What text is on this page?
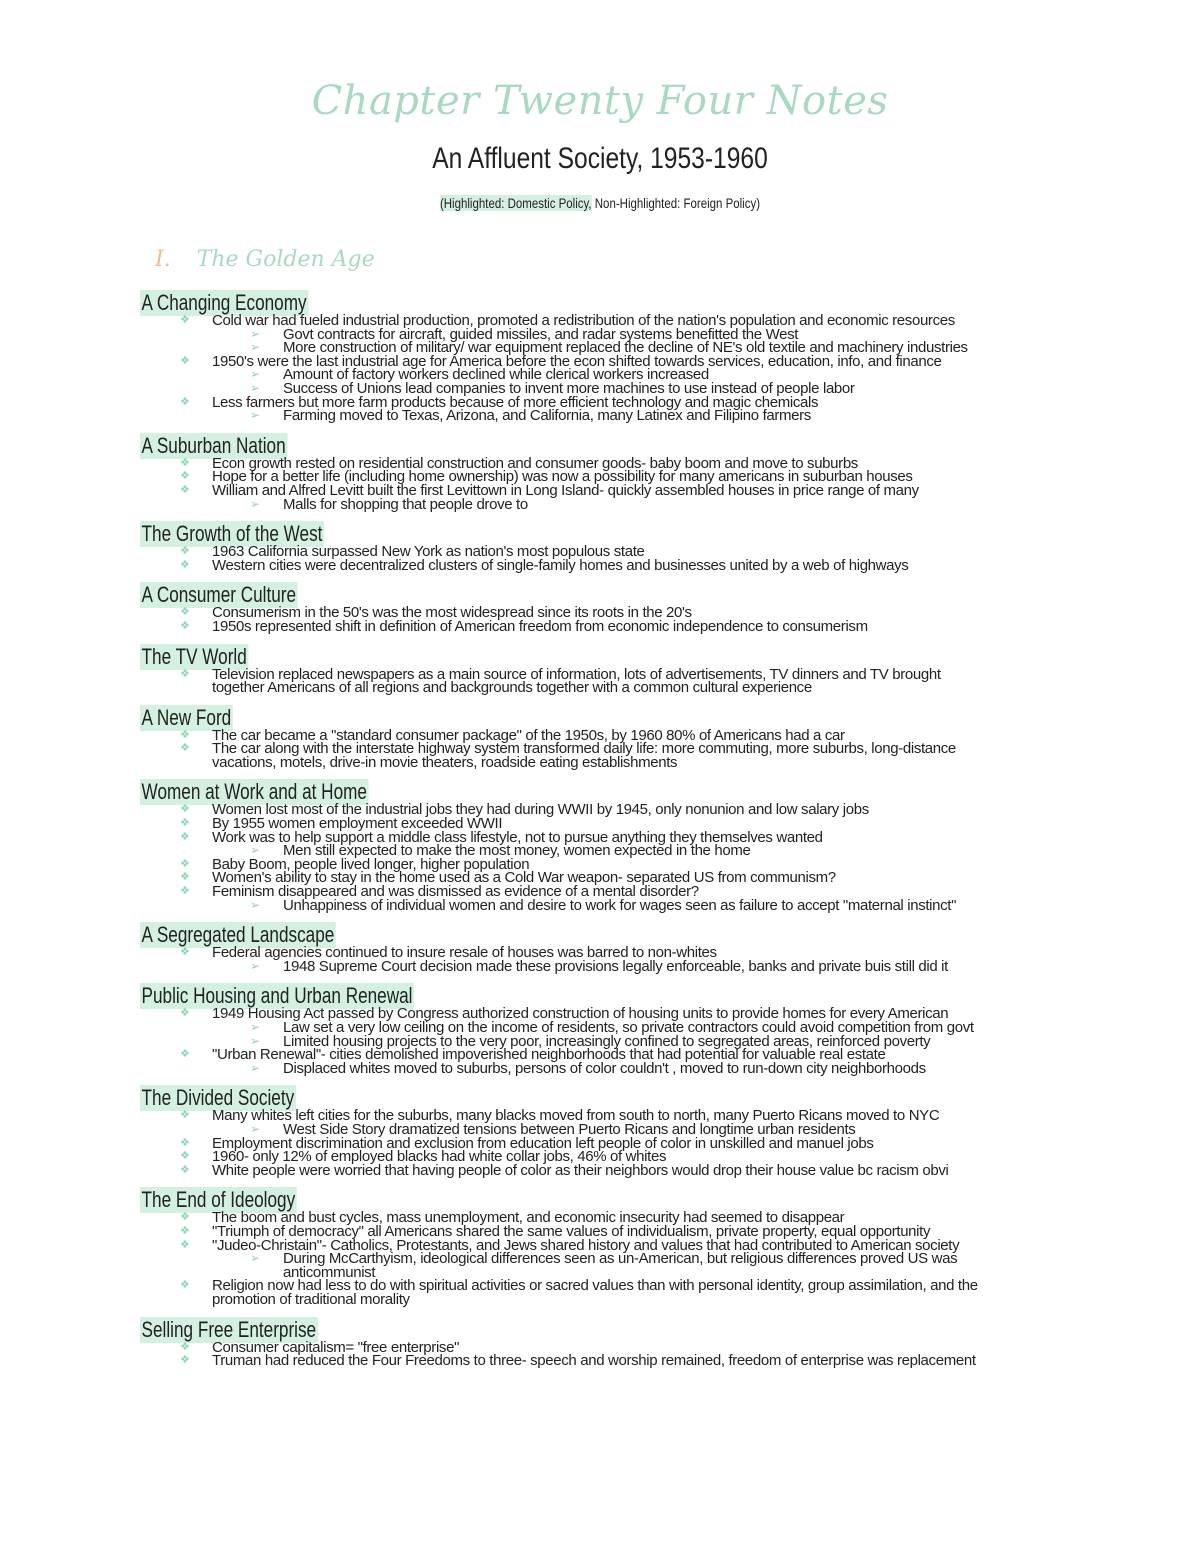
Chapter Twenty Four Notes
An Affluent Society, 1953-1960
(Highlighted: Domestic Policy, Non-Highlighted: Foreign Policy)
I. The Golden Age
A Changing Economy
❖ Cold war had fueled industrial production, promoted a redistribution of the nation's population and economic resources
➢ Govt contracts for aircraft, guided missiles, and radar systems benefitted the West
➢ More construction of military/ war equipment replaced the decline of NE's old textile and machinery industries
❖ 1950's were the last industrial age for America before the econ shifted towards services, education, info, and finance
➢ Amount of factory workers declined while clerical workers increased
➢ Success of Unions lead companies to invent more machines to use instead of people labor
❖ Less farmers but more farm products because of more efficient technology and magic chemicals
➢ Farming moved to Texas, Arizona, and California, many Latinex and Filipino farmers
A Suburban Nation
❖ Econ growth rested on residential construction and consumer goods- baby boom and move to suburbs
❖ Hope for a better life (including home ownership) was now a possibility for many americans in suburban houses
❖ William and Alfred Levitt built the first Levittown in Long Island- quickly assembled houses in price range of many
➢ Malls for shopping that people drove to
The Growth of the West
❖ 1963 California surpassed New York as nation's most populous state
❖ Western cities were decentralized clusters of single-family homes and businesses united by a web of highways
A Consumer Culture
❖ Consumerism in the 50's was the most widespread since its roots in the 20's
❖ 1950s represented shift in definition of American freedom from economic independence to consumerism
The TV World
❖ Television replaced newspapers as a main source of information, lots of advertisements, TV dinners and TV brought
together Americans of all regions and backgrounds together with a common cultural experience
A New Ford
❖ The car became a "standard consumer package" of the 1950s, by 1960 80% of Americans had a car
❖ The car along with the interstate highway system transformed daily life: more commuting, more suburbs, long-distance
vacations, motels, drive-in movie theaters, roadside eating establishments
Women at Work and at Home
❖ Women lost most of the industrial jobs they had during WWII by 1945, only nonunion and low salary jobs
❖ By 1955 women employment exceeded WWII
❖ Work was to help support a middle class lifestyle, not to pursue anything they themselves wanted
➢ Men still expected to make the most money, women expected in the home
❖ Baby Boom, people lived longer, higher population
❖ Women's ability to stay in the home used as a Cold War weapon- separated US from communism?
❖ Feminism disappeared and was dismissed as evidence of a mental disorder?
➢ Unhappiness of individual women and desire to work for wages seen as failure to accept "maternal instinct"
A Segregated Landscape
❖ Federal agencies continued to insure resale of houses was barred to non-whites
➢ 1948 Supreme Court decision made these provisions legally enforceable, banks and private buis still did it
Public Housing and Urban Renewal
❖ 1949 Housing Act passed by Congress authorized construction of housing units to provide homes for every American
➢ Law set a very low ceiling on the income of residents, so private contractors could avoid competition from govt
➢ Limited housing projects to the very poor, increasingly confined to segregated areas, reinforced poverty
❖ "Urban Renewal"- cities demolished impoverished neighborhoods that had potential for valuable real estate
➢ Displaced whites moved to suburbs, persons of color couldn't , moved to run-down city neighborhoods
The Divided Society
❖ Many whites left cities for the suburbs, many blacks moved from south to north, many Puerto Ricans moved to NYC
➢ West Side Story dramatized tensions between Puerto Ricans and longtime urban residents
❖ Employment discrimination and exclusion from education left people of color in unskilled and manuel jobs
❖ 1960- only 12% of employed blacks had white collar jobs, 46% of whites
❖ White people were worried that having people of color as their neighbors would drop their house value bc racism obvi
The End of Ideology
❖ The boom and bust cycles, mass unemployment, and economic insecurity had seemed to disappear
❖ "Triumph of democracy" all Americans shared the same values of individualism, private property, equal opportunity
❖ "Judeo-Christain"- Catholics, Protestants, and Jews shared history and values that had contributed to American society
➢ During McCarthyism, ideological differences seen as un-American, but religious differences proved US was
anticommunist
❖ Religion now had less to do with spiritual activities or sacred values than with personal identity, group assimilation, and the
promotion of traditional morality
Selling Free Enterprise
❖ Consumer capitalism= "free enterprise"
❖ Truman had reduced the Four Freedoms to three- speech and worship remained, freedom of enterprise was replacement
